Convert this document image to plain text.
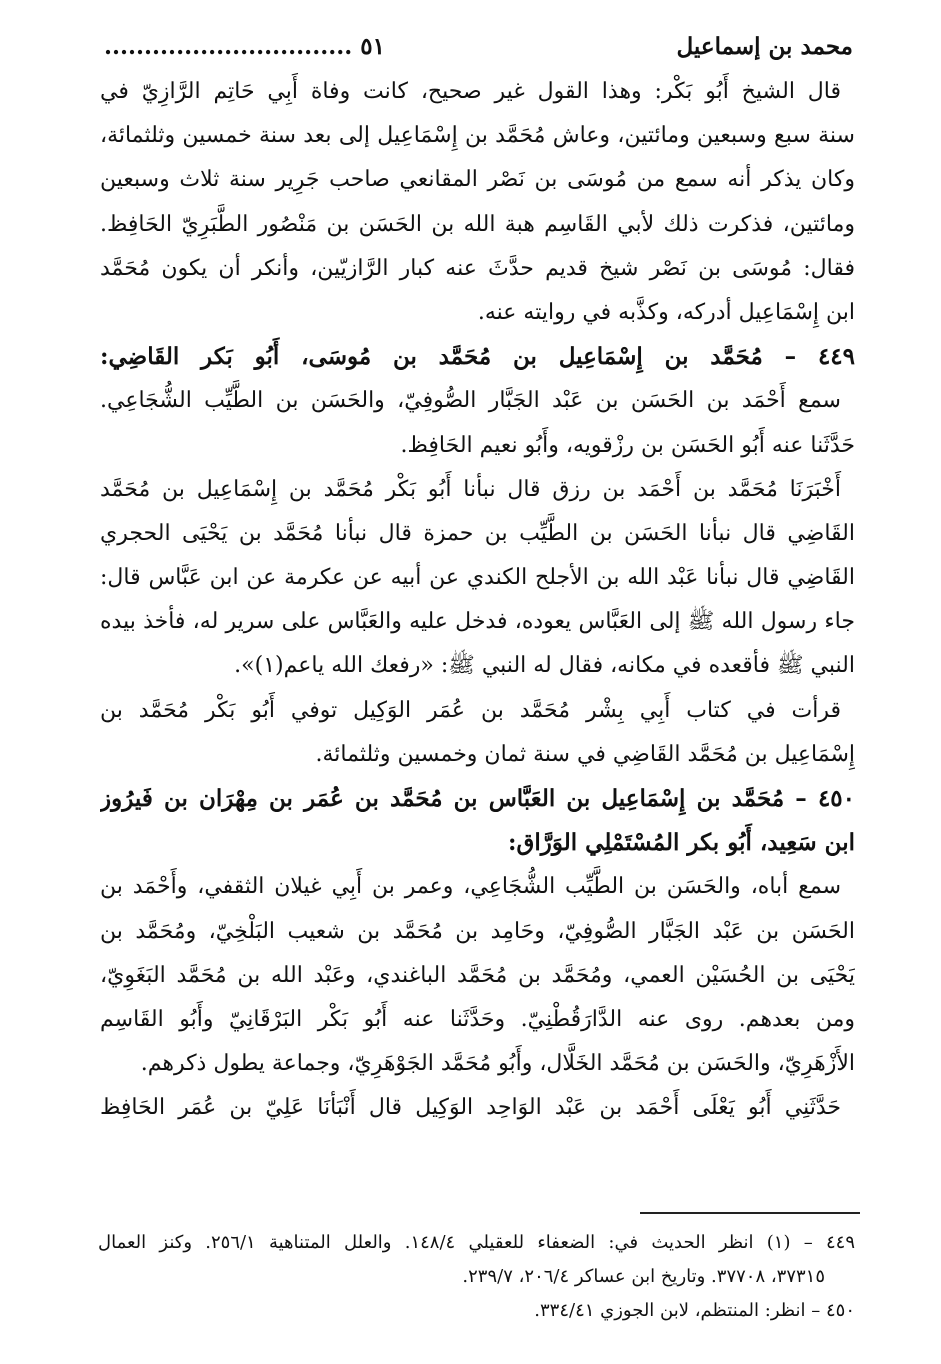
٥١ ...............................	محمد بن إسماعيل
قال الشيخ أَبُو بَكْر: وهذا القول غير صحيح، كانت وفاة أَبِي حَاتِم الرَّازِيّ في
سنة سبع وسبعين ومائتين، وعاش مُحَمَّد بن إِسْمَاعِيل إلى بعد سنة خمسين وثلثمائة،
وكان يذكر أنه سمع من مُوسَى بن نَصْر المقانعي صاحب جَرِير سنة ثلاث وسبعين
ومائتين، فذكرت ذلك لأبي القَاسِم هبة الله بن الحَسَن بن مَنْصُور الطَّبَرِيّ الحَافِظ.
فقال: مُوسَى بن نَصْر شيخ قديم حدَّثَ عنه كبار الرَّازيّين، وأنكر أن يكون مُحَمَّد
ابن إِسْمَاعِيل أدركه، وكذَّبه في روايته عنه.
٤٤٩ – مُحَمَّد بن إِسْمَاعِيل بن مُحَمَّد بن مُوسَى، أَبُو بَكر القَاضِي:
سمع أَحْمَد بن الحَسَن بن عَبْد الجَبَّار الصُّوفِيّ، والحَسَن بن الطَّيِّب الشُّجَاعِي.
حَدَّثَنا عنه أَبُو الحَسَن بن رزْقويه، وأَبُو نعيم الحَافِظ.
أَخْبَرَنَا مُحَمَّد بن أَحْمَد بن رزق قال نبأنا أَبُو بَكْر مُحَمَّد بن إِسْمَاعِيل بن مُحَمَّد
القَاضِي قال نبأنا الحَسَن بن الطَّيِّب بن حمزة قال نبأنا مُحَمَّد بن يَحْيَى الحجري
القَاضِي قال نبأنا عَبْد الله بن الأجلح الكندي عن أبيه عن عكرمة عن ابن عَبَّاس قال:
جاء رسول الله ﷺ إلى العَبَّاس يعوده، فدخل عليه والعَبَّاس على سرير له، فأخذ بيده
النبي ﷺ فأقعده في مكانه، فقال له النبي ﷺ: «رفعك الله ياعم(١)».
قرأت في كتاب أَبِي بِشْر مُحَمَّد بن عُمَر الوَكِيل توفي أَبُو بَكْر مُحَمَّد بن
إِسْمَاعِيل بن مُحَمَّد القَاضِي في سنة ثمان وخمسين وثلثمائة.
٤٥٠ – مُحَمَّد بن إِسْمَاعِيل بن العَبَّاس بن مُحَمَّد بن عُمَر بن مِهْرَان بن فَيرُوز
ابن سَعِيد، أَبُو بكر المُسْتَمْلِي الوَرَّاق:
سمع أباه، والحَسَن بن الطَّيِّب الشُّجَاعِي، وعمر بن أَبِي غيلان الثقفي، وأَحْمَد بن
الحَسَن بن عَبْد الجَبَّار الصُّوفِيّ، وحَامِد بن مُحَمَّد بن شعيب البَلْخِيّ، ومُحَمَّد بن
يَحْيَى بن الحُسَيْن العمي، ومُحَمَّد بن مُحَمَّد الباغندي، وعَبْد الله بن مُحَمَّد البَغَوِيّ،
ومن بعدهم. روى عنه الدَّارَقُطْنِيّ. وحَدَّثَنا عنه أَبُو بَكْر البَرْقَانِيّ وأَبُو القَاسِم
الأَزْهَرِيّ، والحَسَن بن مُحَمَّد الخَلَّال، وأَبُو مُحَمَّد الجَوْهَرِيّ، وجماعة يطول ذكرهم.
حَدَّثَنِي أَبُو يَعْلَى أَحْمَد بن عَبْد الوَاحِد الوَكِيل قال أَنْبَأنَا عَلِيّ بن عُمَر الحَافِظ
٤٤٩ – (١) انظر الحديث في: الضعفاء للعقيلي ١٤٨/٤. والعلل المتناهية ٢٥٦/١. وكنز العمال
٣٧٣١٥، ٣٧٧٠٨. وتاريخ ابن عساكر ٢٠٦/٤، ٢٣٩/٧.
٤٥٠ – انظر: المنتظم، لابن الجوزي ٣٣٤/٤١.
